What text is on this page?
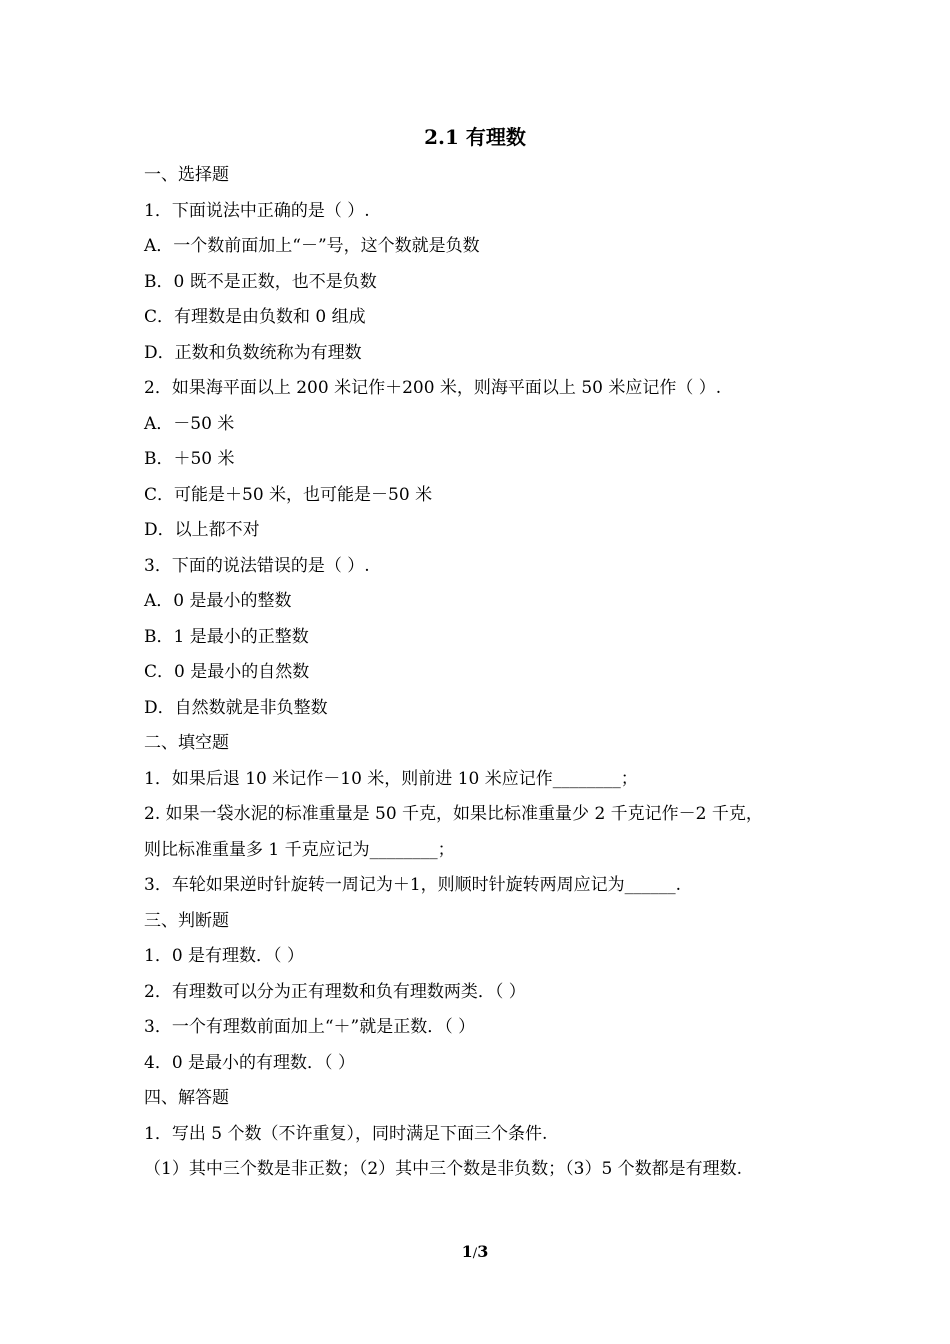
2.1 有理数
一、选择题
1．下面说法中正确的是（ ）.
A．一个数前面加上“－”号，这个数就是负数
B．0 既不是正数，也不是负数
C．有理数是由负数和 0 组成
D．正数和负数统称为有理数
2．如果海平面以上 200 米记作＋200 米，则海平面以上 50 米应记作（ ）.
A．－50 米
B．＋50 米
C．可能是＋50 米，也可能是－50 米
D．以上都不对
3．下面的说法错误的是（ ）.
A．0 是最小的整数
B．1 是最小的正整数
C．0 是最小的自然数
D．自然数就是非负整数
二、填空题
1．如果后退 10 米记作－10 米，则前进 10 米应记作________；
2. 如果一袋水泥的标准重量是 50 千克，如果比标准重量少 2 千克记作－2 千克，
则比标准重量多 1 千克应记为________；
3．车轮如果逆时针旋转一周记为＋1，则顺时针旋转两周应记为______.
三、判断题
1．0 是有理数．（ ）
2．有理数可以分为正有理数和负有理数两类．（ ）
3．一个有理数前面加上“＋”就是正数．（ ）
4．0 是最小的有理数．（ ）
四、解答题
1．写出 5 个数（不许重复），同时满足下面三个条件.
（1）其中三个数是非正数；（2）其中三个数是非负数；（3）5 个数都是有理数.
1/3
